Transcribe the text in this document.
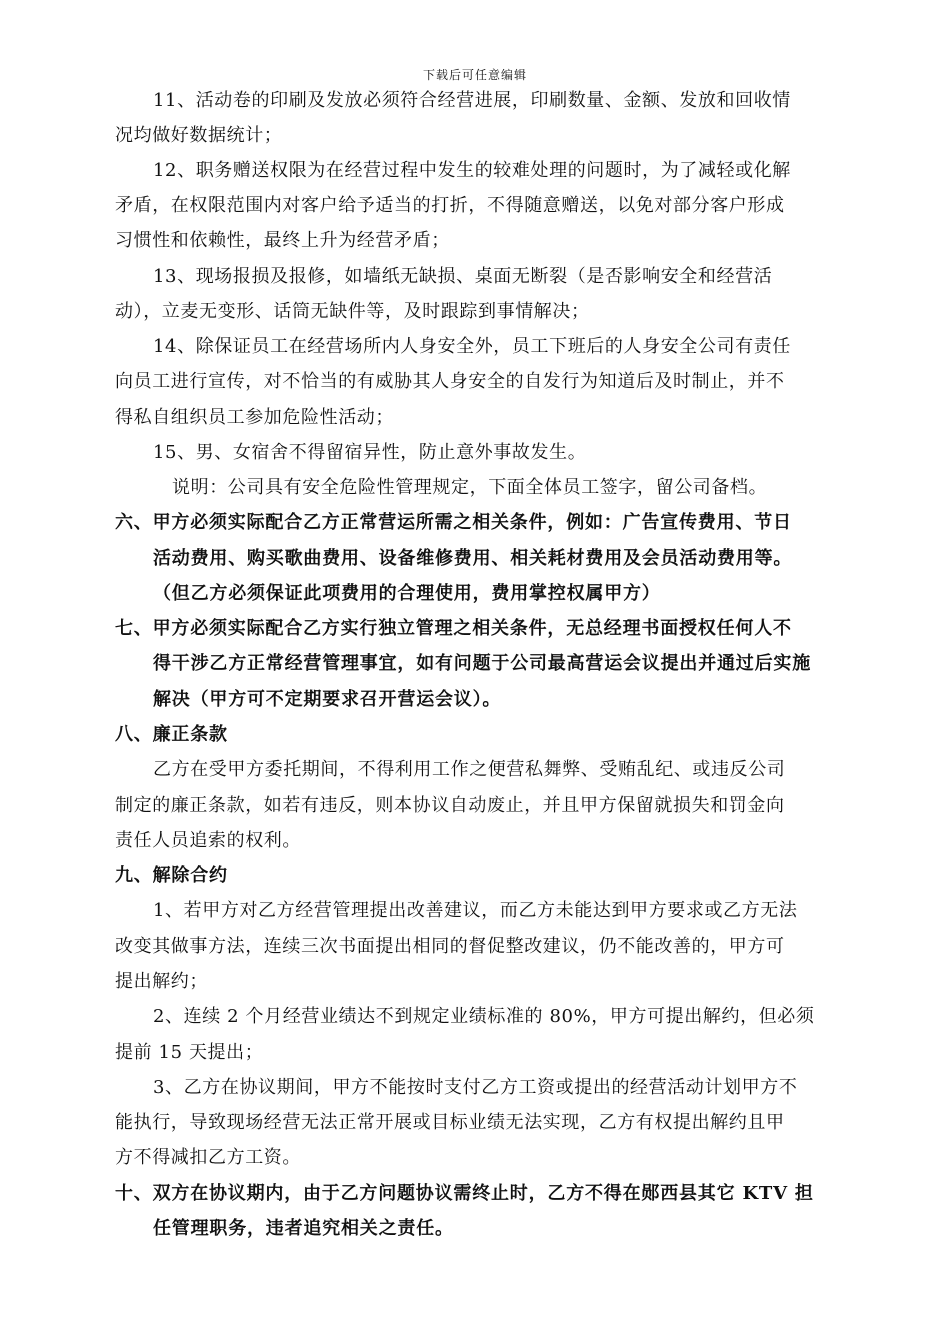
下载后可任意编辑
11、活动卷的印刷及发放必须符合经营进展，印刷数量、金额、发放和回收情
况均做好数据统计；
12、职务赠送权限为在经营过程中发生的较难处理的问题时，为了减轻或化解
矛盾，在权限范围内对客户给予适当的打折，不得随意赠送，以免对部分客户形成
习惯性和依赖性，最终上升为经营矛盾；
13、现场报损及报修，如墙纸无缺损、桌面无断裂（是否影响安全和经营活
动），立麦无变形、话筒无缺件等，及时跟踪到事情解决；
14、除保证员工在经营场所内人身安全外，员工下班后的人身安全公司有责任
向员工进行宣传，对不恰当的有威胁其人身安全的自发行为知道后及时制止，并不
得私自组织员工参加危险性活动；
15、男、女宿舍不得留宿异性，防止意外事故发生。
说明：公司具有安全危险性管理规定，下面全体员工签字，留公司备档。
六、甲方必须实际配合乙方正常营运所需之相关条件，例如：广告宣传费用、节日
活动费用、购买歌曲费用、设备维修费用、相关耗材费用及会员活动费用等。
（但乙方必须保证此项费用的合理使用，费用掌控权属甲方）
七、甲方必须实际配合乙方实行独立管理之相关条件，无总经理书面授权任何人不
得干涉乙方正常经营管理事宜，如有问题于公司最高营运会议提出并通过后实施
解决（甲方可不定期要求召开营运会议）。
八、廉正条款
乙方在受甲方委托期间，不得利用工作之便营私舞弊、受贿乱纪、或违反公司
制定的廉正条款，如若有违反，则本协议自动废止，并且甲方保留就损失和罚金向
责任人员追索的权利。
九、解除合约
1、若甲方对乙方经营管理提出改善建议，而乙方未能达到甲方要求或乙方无法
改变其做事方法，连续三次书面提出相同的督促整改建议，仍不能改善的，甲方可
提出解约；
2、连续 2 个月经营业绩达不到规定业绩标准的 80%，甲方可提出解约，但必须
提前 15 天提出；
3、乙方在协议期间，甲方不能按时支付乙方工资或提出的经营活动计划甲方不
能执行，导致现场经营无法正常开展或目标业绩无法实现，乙方有权提出解约且甲
方不得减扣乙方工资。
十、双方在协议期内，由于乙方问题协议需终止时，乙方不得在郧西县其它 KTV 担
任管理职务，违者追究相关之责任。
